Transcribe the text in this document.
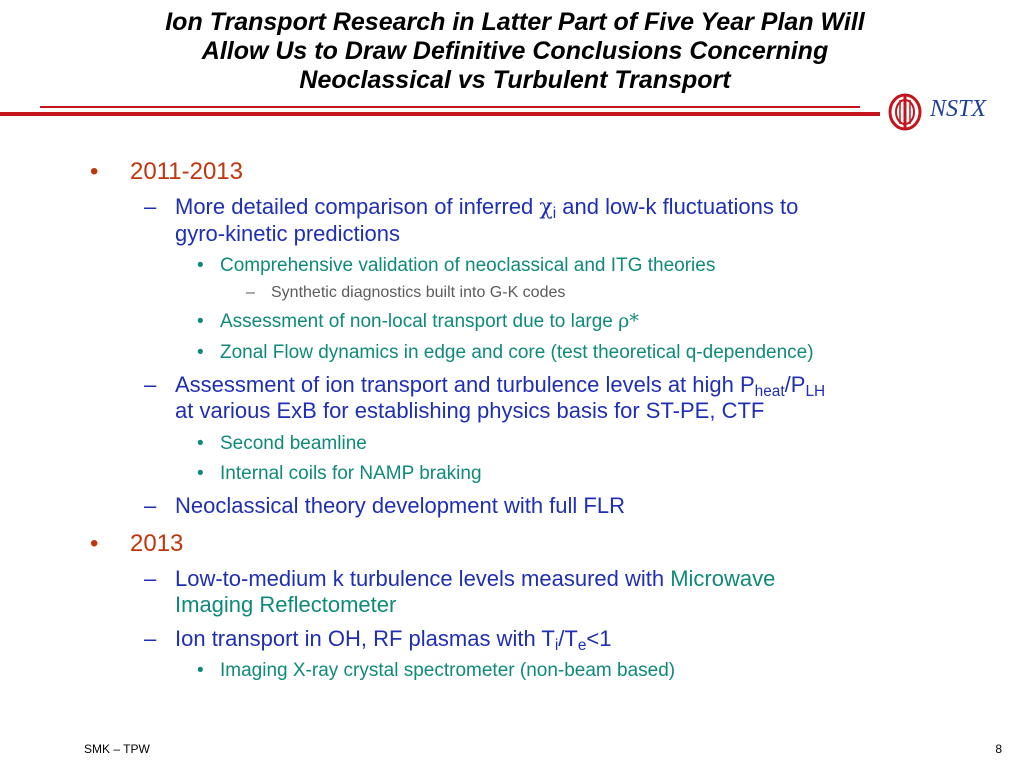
Ion Transport Research in Latter Part of Five Year Plan Will
Allow Us to Draw Definitive Conclusions Concerning
Neoclassical vs Turbulent Transport
NSTX
• 2011-2013
– More detailed comparison of inferred $\chi_i$ and low-k fluctuations to
gyro-kinetic predictions
• Comprehensive validation of neoclassical and ITG theories
– Synthetic diagnostics built into G-K codes
• Assessment of non-local transport due to large ρ*
• Zonal Flow dynamics in edge and core (test theoretical q-dependence)
– Assessment of ion transport and turbulence levels at high $P_{heat}/P_{LH}$
at various ExB for establishing physics basis for ST-PE, CTF
• Second beamline
• Internal coils for NAMP braking
– Neoclassical theory development with full FLR
• 2013
– Low-to-medium k turbulence levels measured with Microwave
Imaging Reflectometer
– Ion transport in OH, RF plasmas with $T_i/T_e<1$
• Imaging X-ray crystal spectrometer (non-beam based)
SMK – TPW	8
